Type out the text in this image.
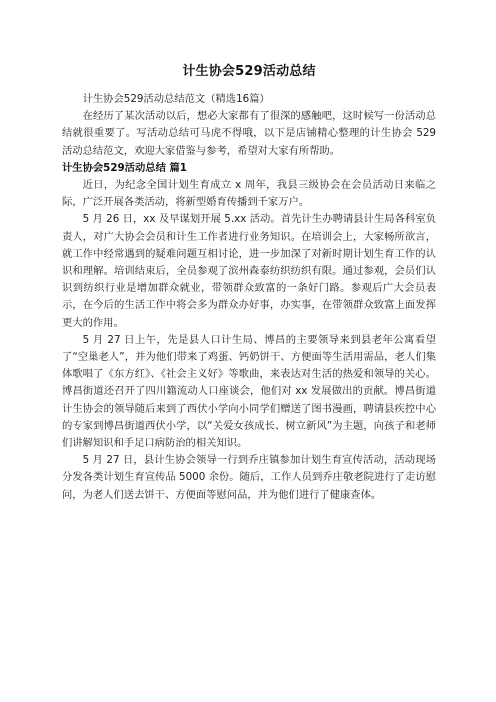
计生协会529活动总结

计生协会529活动总结范文（精选16篇）

在经历了某次活动以后，想必大家都有了很深的感触吧，这时候写一份活动总结就很重要了。写活动总结可马虎不得哦，以下是店铺精心整理的计生协会 529 活动总结范文，欢迎大家借鉴与参考，希望对大家有所帮助。

计生协会529活动总结 篇1

近日，为纪念全国计划生育成立 x 周年，我县三级协会在会员活动日来临之际，广泛开展各类活动，将新型婚育传播到千家万户。

5 月 26 日，xx 及早谋划开展 5.xx 活动。首先计生办聘请县计生局各科室负责人，对广大协会会员和计生工作者进行业务知识。在培训会上，大家畅所欲言，就工作中经常遇到的疑难问题互相讨论，进一步加深了对新时期计划生育工作的认识和理解。培训结束后，全员参观了滨州森泰纺织纺织有限。通过参观，会员们认识到纺织行业是增加群众就业，带领群众致富的一条好门路。参观后广大会员表示，在今后的生活工作中将会多为群众办好事，办实事，在带领群众致富上面发挥更大的作用。

5 月 27 日上午，先是县人口计生局、博昌的主要领导来到县老年公寓看望了“空巢老人”，并为他们带来了鸡蛋、钙奶饼干、方便面等生活用需品，老人们集体歌唱了《东方红》、《社会主义好》等歌曲，来表达对生活的热爱和领导的关心。博昌街道还召开了四川籍流动人口座谈会，他们对 xx 发展做出的贡献。博昌街道计生协会的领导随后来到了西伏小学向小同学们赠送了图书漫画，聘请县疾控中心的专家到博昌街道西伏小学，以“关爱女孩成长、树立新风”为主题，向孩子和老师们讲解知识和手足口病防治的相关知识。

5 月 27 日，县计生协会领导一行到乔庄镇参加计划生育宣传活动，活动现场分发各类计划生育宣传品 5000 余份。随后，工作人员到乔庄敬老院进行了走访慰问，为老人们送去饼干、方便面等慰问品，并为他们进行了健康查体。
